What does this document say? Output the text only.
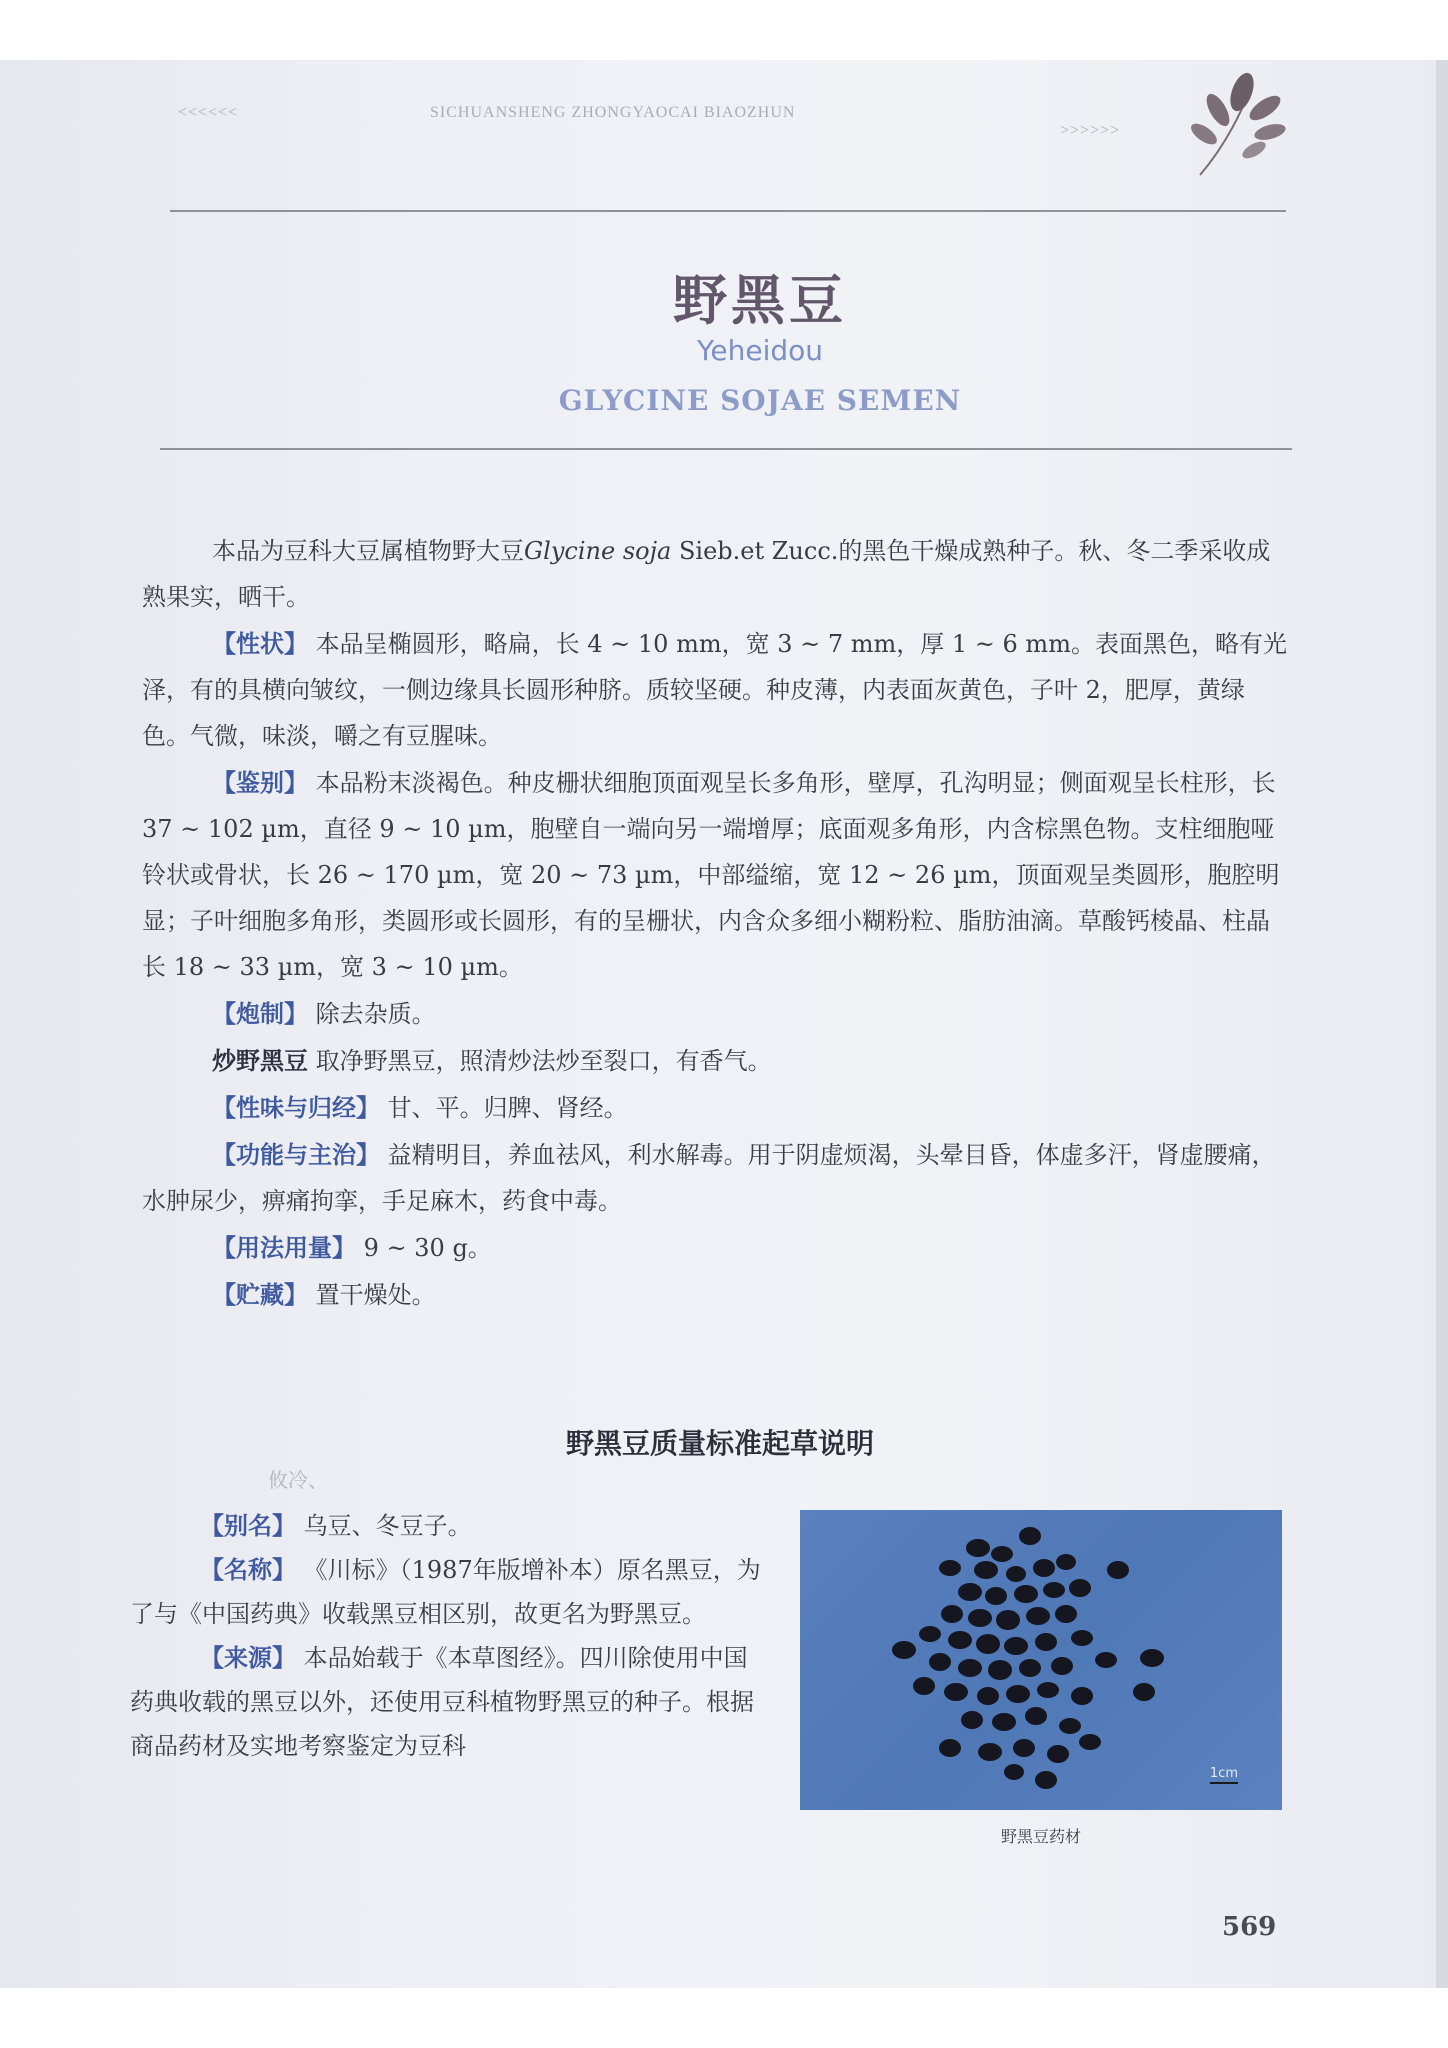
<<<<<<	SICHUANSHENG ZHONGYAOCAI BIAOZHUN
>>>>>>
野黑豆
Yeheidou
GLYCINE SOJAE SEMEN

本品为豆科大豆属植物野大豆Glycine soja Sieb.et Zucc.的黑色干燥成熟种子。秋、冬二季采收成熟果实，晒干。

【性状】 本品呈椭圆形，略扁，长 4 ~ 10 mm，宽 3 ~ 7 mm，厚 1 ~ 6 mm。表面黑色，略有光泽，有的具横向皱纹，一侧边缘具长圆形种脐。质较坚硬。种皮薄，内表面灰黄色，子叶 2，肥厚，黄绿色。气微，味淡，嚼之有豆腥味。

【鉴别】 本品粉末淡褐色。种皮栅状细胞顶面观呈长多角形，壁厚，孔沟明显；侧面观呈长柱形，长 37 ~ 102 µm，直径 9 ~ 10 µm，胞壁自一端向另一端增厚；底面观多角形，内含棕黑色物。支柱细胞哑铃状或骨状，长 26 ~ 170 µm，宽 20 ~ 73 µm，中部缢缩，宽 12 ~ 26 µm，顶面观呈类圆形，胞腔明显；子叶细胞多角形，类圆形或长圆形，有的呈栅状，内含众多细小糊粉粒、脂肪油滴。草酸钙棱晶、柱晶长 18 ~ 33 µm，宽 3 ~ 10 µm。

【炮制】 除去杂质。

炒野黑豆 取净野黑豆，照清炒法炒至裂口，有香气。

【性味与归经】 甘、平。归脾、肾经。

【功能与主治】 益精明目，养血祛风，利水解毒。用于阴虚烦渴，头晕目昏，体虚多汗，肾虚腰痛，水肿尿少，痹痛拘挛，手足麻木，药食中毒。

【用法用量】 9 ~ 30 g。

【贮藏】 置干燥处。

野黑豆质量标准起草说明
攸冷、

【别名】 乌豆、冬豆子。

【名称】 《川标》（1987年版增补本）原名黑豆，为了与《中国药典》收载黑豆相区别，故更名为野黑豆。

【来源】 本品始载于《本草图经》。四川除使用中国药典收载的黑豆以外，还使用豆科植物野黑豆的种子。根据商品药材及实地考察鉴定为豆科

1cm
野黑豆药材
569
